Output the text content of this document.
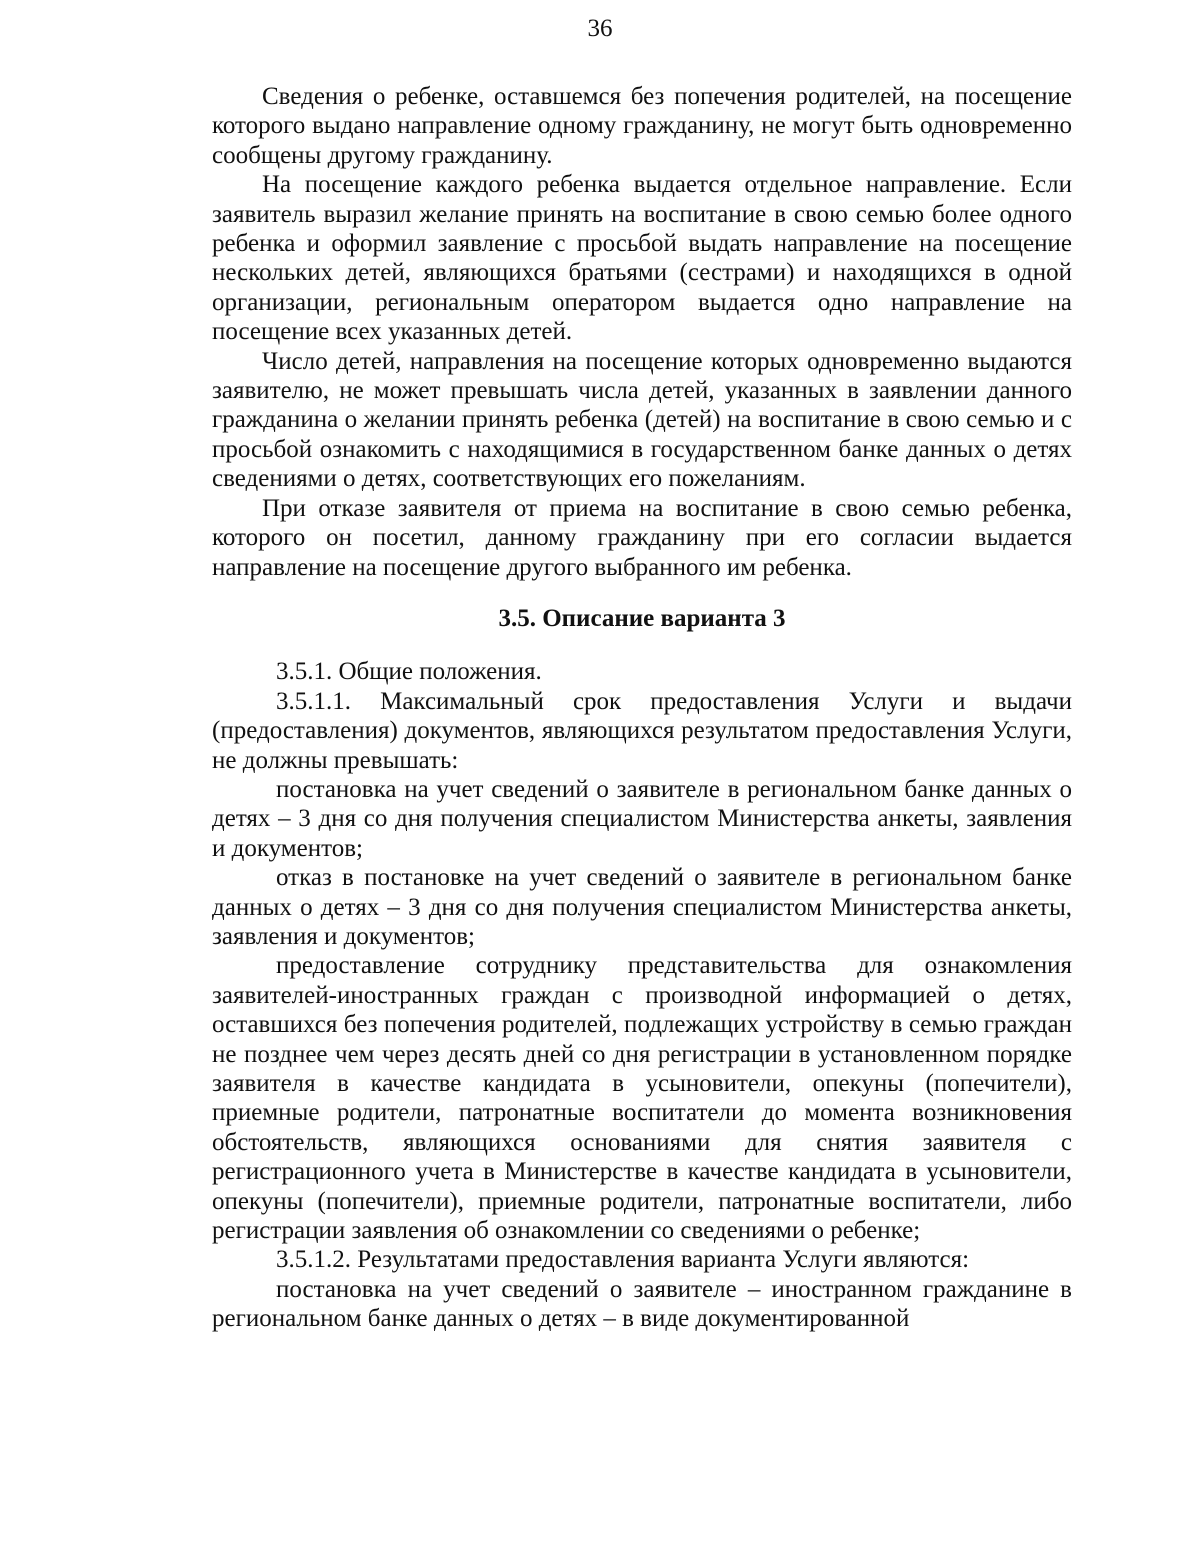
36

Сведения о ребенке, оставшемся без попечения родителей, на посещение которого выдано направление одному гражданину, не могут быть одновременно сообщены другому гражданину.

На посещение каждого ребенка выдается отдельное направление. Если заявитель выразил желание принять на воспитание в свою семью более одного ребенка и оформил заявление с просьбой выдать направление на посещение нескольких детей, являющихся братьями (сестрами) и находящихся в одной организации, региональным оператором выдается одно направление на посещение всех указанных детей.

Число детей, направления на посещение которых одновременно выдаются заявителю, не может превышать числа детей, указанных в заявлении данного гражданина о желании принять ребенка (детей) на воспитание в свою семью и с просьбой ознакомить с находящимися в государственном банке данных о детях сведениями о детях, соответствующих его пожеланиям.

При отказе заявителя от приема на воспитание в свою семью ребенка, которого он посетил, данному гражданину при его согласии выдается направление на посещение другого выбранного им ребенка.

3.5. Описание варианта 3

3.5.1. Общие положения.

3.5.1.1. Максимальный срок предоставления Услуги и выдачи (предоставления) документов, являющихся результатом предоставления Услуги, не должны превышать:

постановка на учет сведений о заявителе в региональном банке данных о детях – 3 дня со дня получения специалистом Министерства анкеты, заявления и документов;

отказ в постановке на учет сведений о заявителе в региональном банке данных о детях – 3 дня со дня получения специалистом Министерства анкеты, заявления и документов;

предоставление сотруднику представительства для ознакомления заявителей-иностранных граждан с производной информацией о детях, оставшихся без попечения родителей, подлежащих устройству в семью граждан не позднее чем через десять дней со дня регистрации в установленном порядке заявителя в качестве кандидата в усыновители, опекуны (попечители), приемные родители, патронатные воспитатели до момента возникновения обстоятельств, являющихся основаниями для снятия заявителя с регистрационного учета в Министерстве в качестве кандидата в усыновители, опекуны (попечители), приемные родители, патронатные воспитатели, либо регистрации заявления об ознакомлении со сведениями о ребенке;

3.5.1.2. Результатами предоставления варианта Услуги являются:

постановка на учет сведений о заявителе – иностранном гражданине в региональном банке данных о детях – в виде документированной
